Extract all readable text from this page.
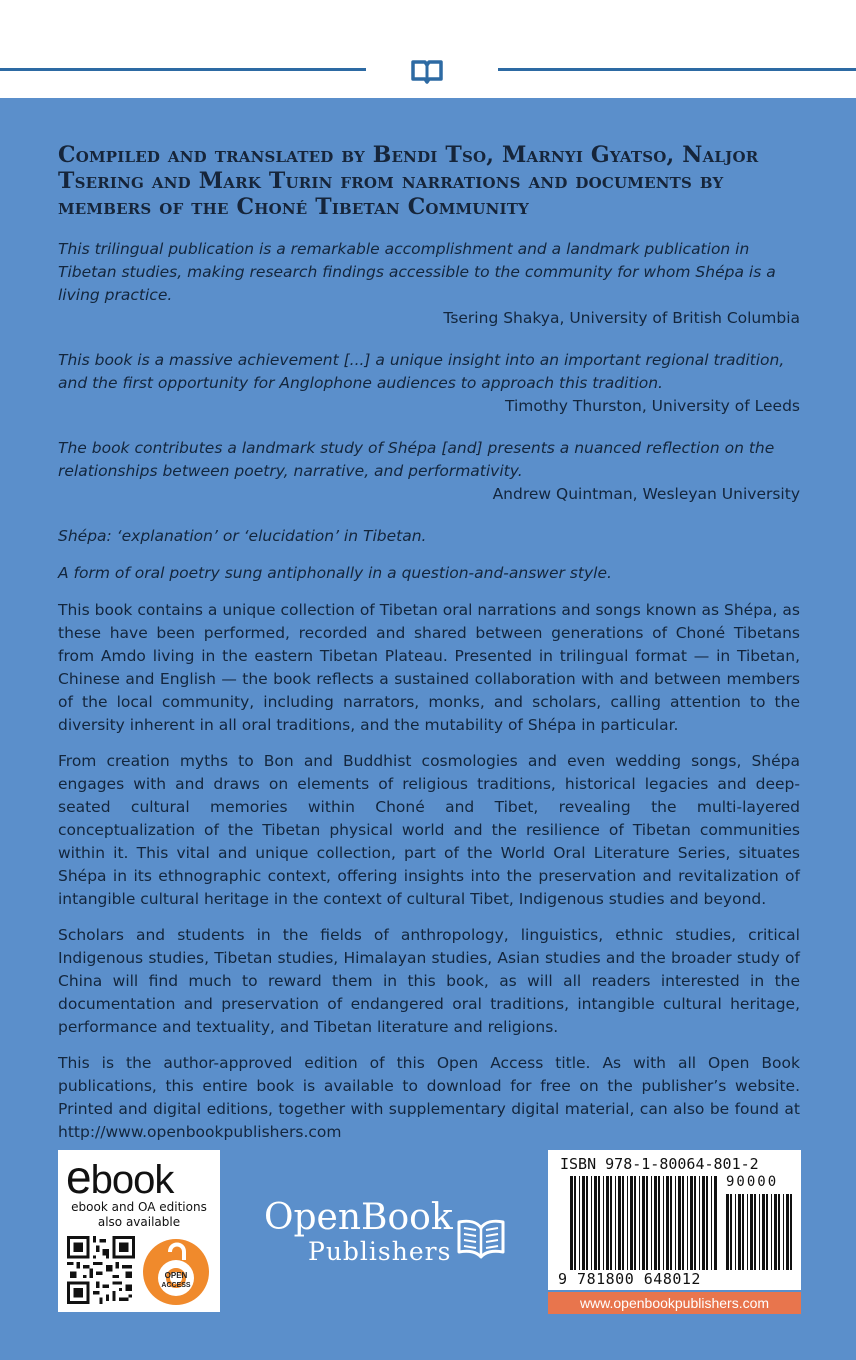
Compiled and translated by Bendi Tso, Marnyi Gyatso, Naljor Tsering and Mark Turin from narrations and documents by members of the Choné Tibetan Community

This trilingual publication is a remarkable accomplishment and a landmark publication in Tibetan studies, making research findings accessible to the community for whom Shépa is a living practice.

Tsering Shakya, University of British Columbia

This book is a massive achievement [...] a unique insight into an important regional tradition, and the first opportunity for Anglophone audiences to approach this tradition.

Timothy Thurston, University of Leeds

The book contributes a landmark study of Shépa [and] presents a nuanced reflection on the relationships between poetry, narrative, and performativity.

Andrew Quintman, Wesleyan University

Shépa: ‘explanation’ or ‘elucidation’ in Tibetan.

A form of oral poetry sung antiphonally in a question-and-answer style.

This book contains a unique collection of Tibetan oral narrations and songs known as Shépa, as these have been performed, recorded and shared between generations of Choné Tibetans from Amdo living in the eastern Tibetan Plateau. Presented in trilingual format — in Tibetan, Chinese and English — the book reflects a sustained collaboration with and between members of the local community, including narrators, monks, and scholars, calling attention to the diversity inherent in all oral traditions, and the mutability of Shépa in particular.

From creation myths to Bon and Buddhist cosmologies and even wedding songs, Shépa engages with and draws on elements of religious traditions, historical legacies and deep-seated cultural memories within Choné and Tibet, revealing the multi-layered conceptualization of the Tibetan physical world and the resilience of Tibetan communities within it. This vital and unique collection, part of the World Oral Literature Series, situates Shépa in its ethnographic context, offering insights into the preservation and revitalization of intangible cultural heritage in the context of cultural Tibet, Indigenous studies and beyond.

Scholars and students in the fields of anthropology, linguistics, ethnic studies, critical Indigenous studies, Tibetan studies, Himalayan studies, Asian studies and the broader study of China will find much to reward them in this book, as will all readers interested in the documentation and preservation of endangered oral traditions, intangible cultural heritage, performance and textuality, and Tibetan literature and religions.

This is the author-approved edition of this Open Access title. As with all Open Book publications, this entire book is available to download for free on the publisher’s website. Printed and digital editions, together with supplementary digital material, can also be found at http://www.openbookpublishers.com

ebook
ebook and OA editions
also available
OPEN
ACCESS
OpenBook
Publishers
ISBN 978-1-80064-801-2
90000
9 781800 648012
www.openbookpublishers.com
